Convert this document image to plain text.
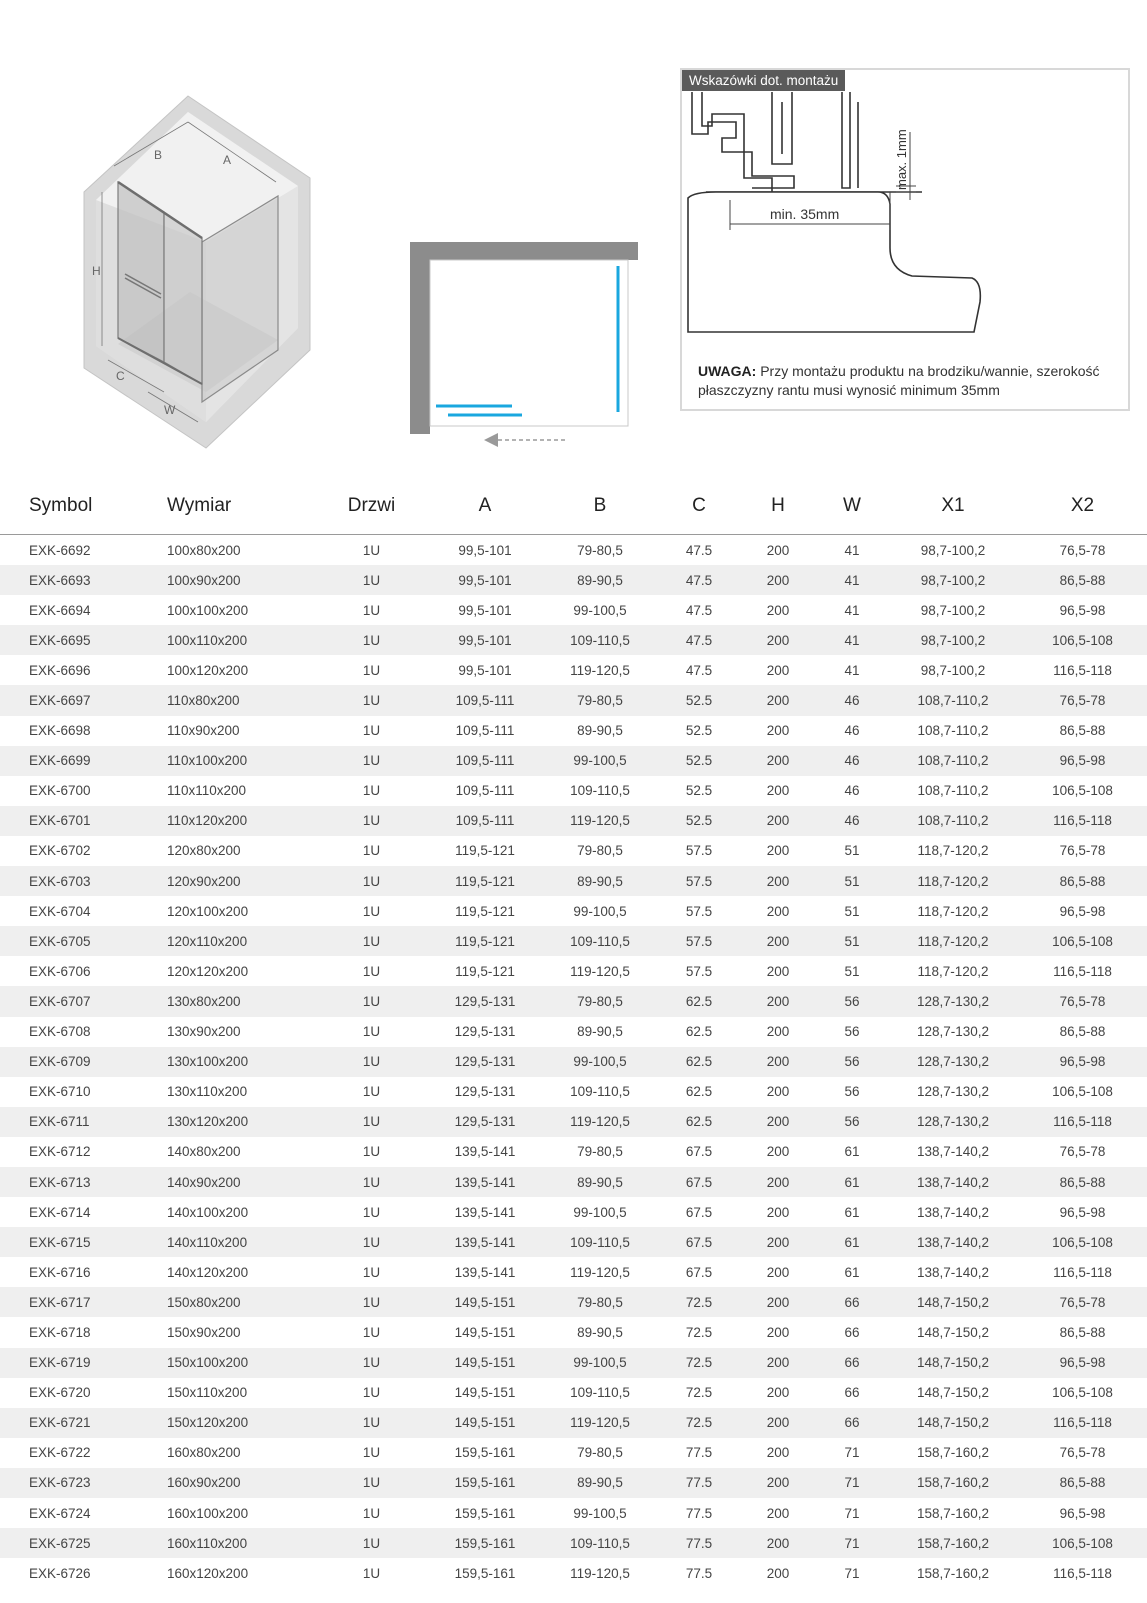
B	A
H
C
W
Wskazówki dot. montażu
min. 35mm
max. 1mm
UWAGA: Przy montażu produktu na brodziku/wannie, szerokość płaszczyzny rantu musi wynosić minimum 35mm
Symbol	Wymiar	Drzwi	A	B	C	H	W	X1	X2
EXK-6692	100x80x200	1U	99,5-101	79-80,5	47.5	200	41	98,7-100,2	76,5-78
EXK-6693	100x90x200	1U	99,5-101	89-90,5	47.5	200	41	98,7-100,2	86,5-88
EXK-6694	100x100x200	1U	99,5-101	99-100,5	47.5	200	41	98,7-100,2	96,5-98
EXK-6695	100x110x200	1U	99,5-101	109-110,5	47.5	200	41	98,7-100,2	106,5-108
EXK-6696	100x120x200	1U	99,5-101	119-120,5	47.5	200	41	98,7-100,2	116,5-118
EXK-6697	110x80x200	1U	109,5-111	79-80,5	52.5	200	46	108,7-110,2	76,5-78
EXK-6698	110x90x200	1U	109,5-111	89-90,5	52.5	200	46	108,7-110,2	86,5-88
EXK-6699	110x100x200	1U	109,5-111	99-100,5	52.5	200	46	108,7-110,2	96,5-98
EXK-6700	110x110x200	1U	109,5-111	109-110,5	52.5	200	46	108,7-110,2	106,5-108
EXK-6701	110x120x200	1U	109,5-111	119-120,5	52.5	200	46	108,7-110,2	116,5-118
EXK-6702	120x80x200	1U	119,5-121	79-80,5	57.5	200	51	118,7-120,2	76,5-78
EXK-6703	120x90x200	1U	119,5-121	89-90,5	57.5	200	51	118,7-120,2	86,5-88
EXK-6704	120x100x200	1U	119,5-121	99-100,5	57.5	200	51	118,7-120,2	96,5-98
EXK-6705	120x110x200	1U	119,5-121	109-110,5	57.5	200	51	118,7-120,2	106,5-108
EXK-6706	120x120x200	1U	119,5-121	119-120,5	57.5	200	51	118,7-120,2	116,5-118
EXK-6707	130x80x200	1U	129,5-131	79-80,5	62.5	200	56	128,7-130,2	76,5-78
EXK-6708	130x90x200	1U	129,5-131	89-90,5	62.5	200	56	128,7-130,2	86,5-88
EXK-6709	130x100x200	1U	129,5-131	99-100,5	62.5	200	56	128,7-130,2	96,5-98
EXK-6710	130x110x200	1U	129,5-131	109-110,5	62.5	200	56	128,7-130,2	106,5-108
EXK-6711	130x120x200	1U	129,5-131	119-120,5	62.5	200	56	128,7-130,2	116,5-118
EXK-6712	140x80x200	1U	139,5-141	79-80,5	67.5	200	61	138,7-140,2	76,5-78
EXK-6713	140x90x200	1U	139,5-141	89-90,5	67.5	200	61	138,7-140,2	86,5-88
EXK-6714	140x100x200	1U	139,5-141	99-100,5	67.5	200	61	138,7-140,2	96,5-98
EXK-6715	140x110x200	1U	139,5-141	109-110,5	67.5	200	61	138,7-140,2	106,5-108
EXK-6716	140x120x200	1U	139,5-141	119-120,5	67.5	200	61	138,7-140,2	116,5-118
EXK-6717	150x80x200	1U	149,5-151	79-80,5	72.5	200	66	148,7-150,2	76,5-78
EXK-6718	150x90x200	1U	149,5-151	89-90,5	72.5	200	66	148,7-150,2	86,5-88
EXK-6719	150x100x200	1U	149,5-151	99-100,5	72.5	200	66	148,7-150,2	96,5-98
EXK-6720	150x110x200	1U	149,5-151	109-110,5	72.5	200	66	148,7-150,2	106,5-108
EXK-6721	150x120x200	1U	149,5-151	119-120,5	72.5	200	66	148,7-150,2	116,5-118
EXK-6722	160x80x200	1U	159,5-161	79-80,5	77.5	200	71	158,7-160,2	76,5-78
EXK-6723	160x90x200	1U	159,5-161	89-90,5	77.5	200	71	158,7-160,2	86,5-88
EXK-6724	160x100x200	1U	159,5-161	99-100,5	77.5	200	71	158,7-160,2	96,5-98
EXK-6725	160x110x200	1U	159,5-161	109-110,5	77.5	200	71	158,7-160,2	106,5-108
EXK-6726	160x120x200	1U	159,5-161	119-120,5	77.5	200	71	158,7-160,2	116,5-118
